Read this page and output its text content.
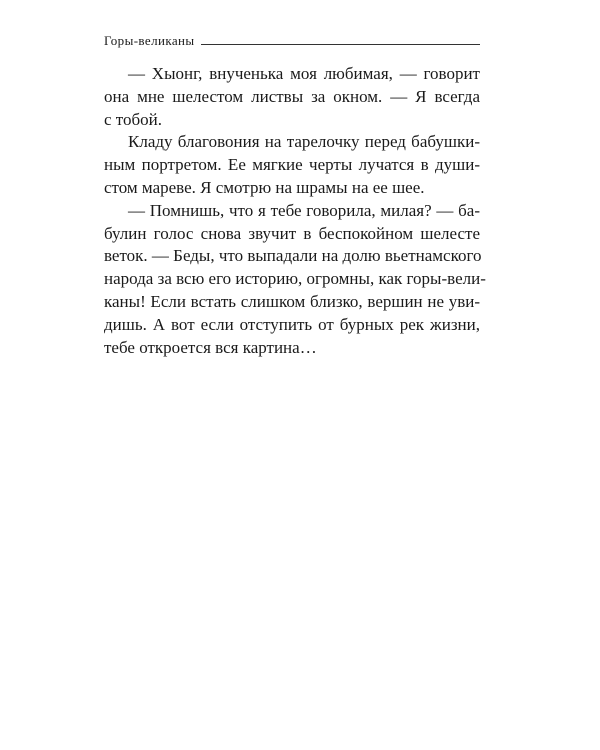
Горы-великаны

— Хыонг, внученька моя любимая, — говорит
она мне шелестом листвы за окном. — Я всегда
с тобой.

Кладу благовония на тарелочку перед бабушки-
ным портретом. Ее мягкие черты лучатся в души-
стом мареве. Я смотрю на шрамы на ее шее.

— Помнишь, что я тебе говорила, милая? — ба-
булин голос снова звучит в беспокойном шелесте
веток. — Беды, что выпадали на долю вьетнамского
народа за всю его историю, огромны, как горы-вели-
каны! Если встать слишком близко, вершин не уви-
дишь. А вот если отступить от бурных рек жизни,
тебе откроется вся картина…
